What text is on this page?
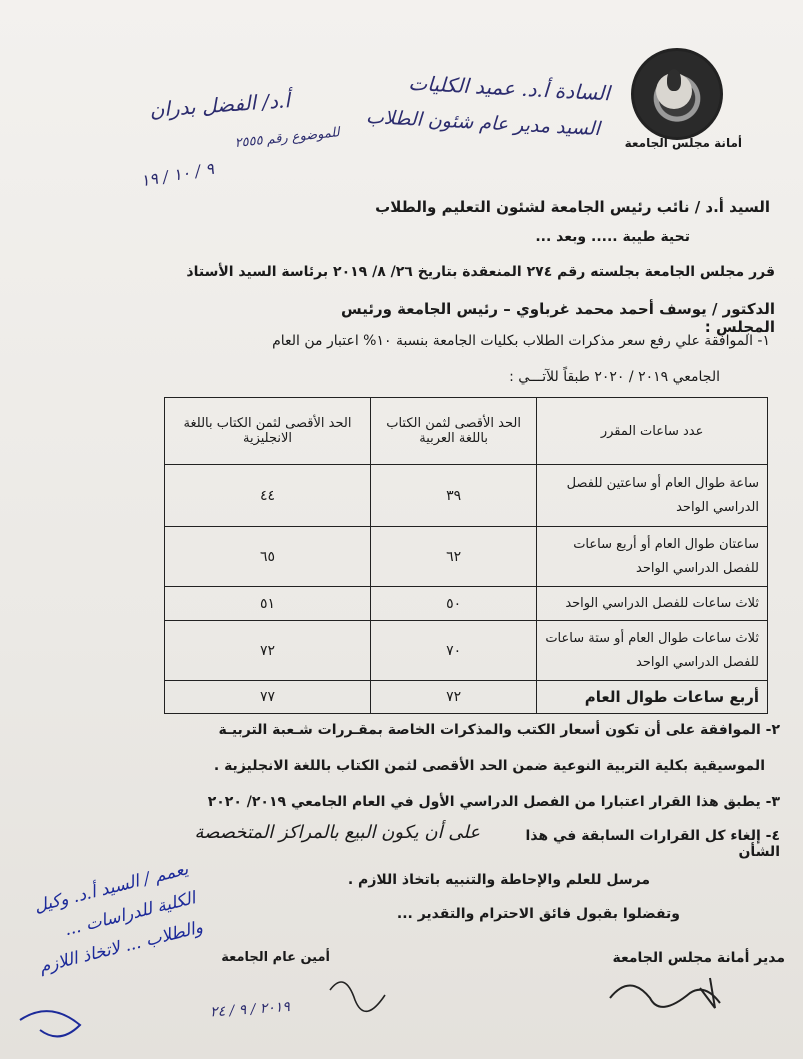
أمانة مجلس الجامعة
السادة أ.د. عميد الكليات
السيد مدير عام شئون الطلاب
أ.د/ الفضل بدران
للموضوع رقم ٢٥٥٥
٩ / ١٠ / ١٩
السيد أ.د / نائب رئيس الجامعة لشئون التعليم والطلاب
تحية طيبة ..... وبعد ...
قرر مجلس الجامعة بجلسته رقم ٢٧٤ المنعقدة بتاريخ ٢٦/ ٨/ ٢٠١٩ برئاسة السيد الأستاذ
الدكتور / يوسف أحمد محمد غرباوي – رئيس الجامعة ورئيس المجلس :
١- الموافقة علي رفع سعر مذكرات الطلاب بكليات الجامعة بنسبة ١٠% اعتبار من العام
الجامعي ٢٠١٩ / ٢٠٢٠ طبقاً للآتـــي :
عدد ساعات المقرر	الحد الأقصى لثمن الكتاب باللغة العربية	الحد الأقصى لثمن الكتاب باللغة الانجليزية
ساعة طوال العام أو ساعتين للفصل الدراسي الواحد	٣٩	٤٤
ساعتان طوال العام أو أربع ساعات للفصل الدراسي الواحد	٦٢	٦٥
ثلاث ساعات للفصل الدراسي الواحد	٥٠	٥١
ثلاث ساعات طوال العام أو ستة ساعات للفصل الدراسي الواحد	٧٠	٧٢
أربع ساعات طوال العام	٧٢	٧٧
٢- الموافقة على أن تكون أسعار الكتب والمذكرات الخاصة بمقـررات شـعبة التربيـة
الموسيقية بكلية التربية النوعية ضمن الحد الأقصى لثمن الكتاب باللغة الانجليزية .
٣- يطبق هذا القرار اعتبارا من الفصل الدراسي الأول في العام الجامعي ٢٠١٩/ ٢٠٢٠
٤- إلغاء كل القرارات السابقة في هذا الشأن
على أن يكون البيع بالمراكز المتخصصة
مرسل للعلم والإحاطة والتنبيه باتخاذ اللازم .
وتفضلوا بقبول فائق الاحترام والتقدير ...
مدير أمانة مجلس الجامعة
أمين عام الجامعة
يعمم / السيد أ.د. وكيل الكلية للدراسات ... والطلاب ... لاتخاذ اللازم
٢٠١٩ / ٩ / ٢٤
